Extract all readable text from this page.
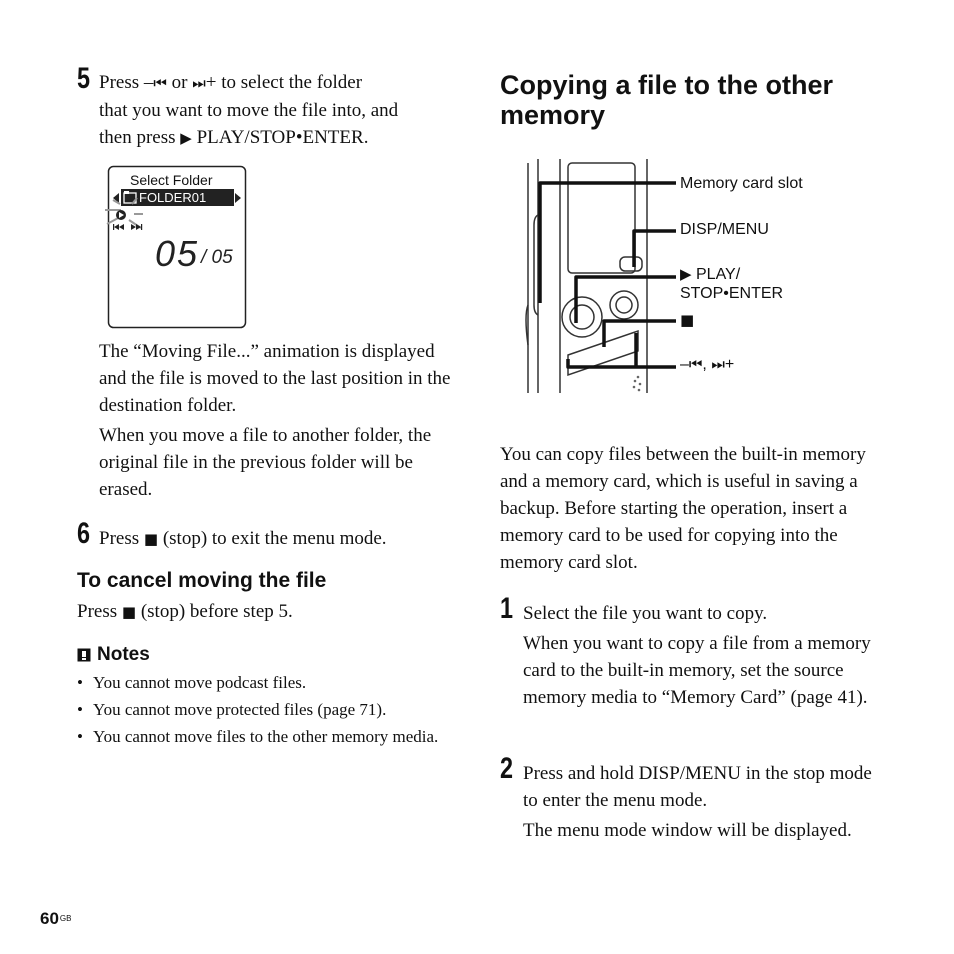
5 Press –⏮ or ⏭+ to select the folder
that you want to move the file into, and
then press ▶ PLAY/STOP•ENTER.
Select Folder
FOLDER01
05 / 05

The “Moving File...” animation is displayed and the file is moved to the last position in the destination folder.

When you move a file to another folder, the original file in the previous folder will be erased.

6 Press ■ (stop) to exit the menu mode.
To cancel moving the file
Press ■ (stop) before step 5.
Notes
• You cannot move podcast files.
• You cannot move protected files (page 71).
• You cannot move files to the other memory media.
Copying a file to the other memory
Memory card slot
DISP/MENU
▶ PLAY/
STOP•ENTER
■
–⏮, ⏭+
You can copy files between the built-in memory and a memory card, which is useful in saving a backup. Before starting the operation, insert a memory card to be used for copying into the memory card slot.
1 Select the file you want to copy.

When you want to copy a file from a memory card to the built-in memory, set the source memory media to “Memory Card” (page 41).

2 Press and hold DISP/MENU in the stop mode to enter the menu mode.

The menu mode window will be displayed.

$60^{GB}$
